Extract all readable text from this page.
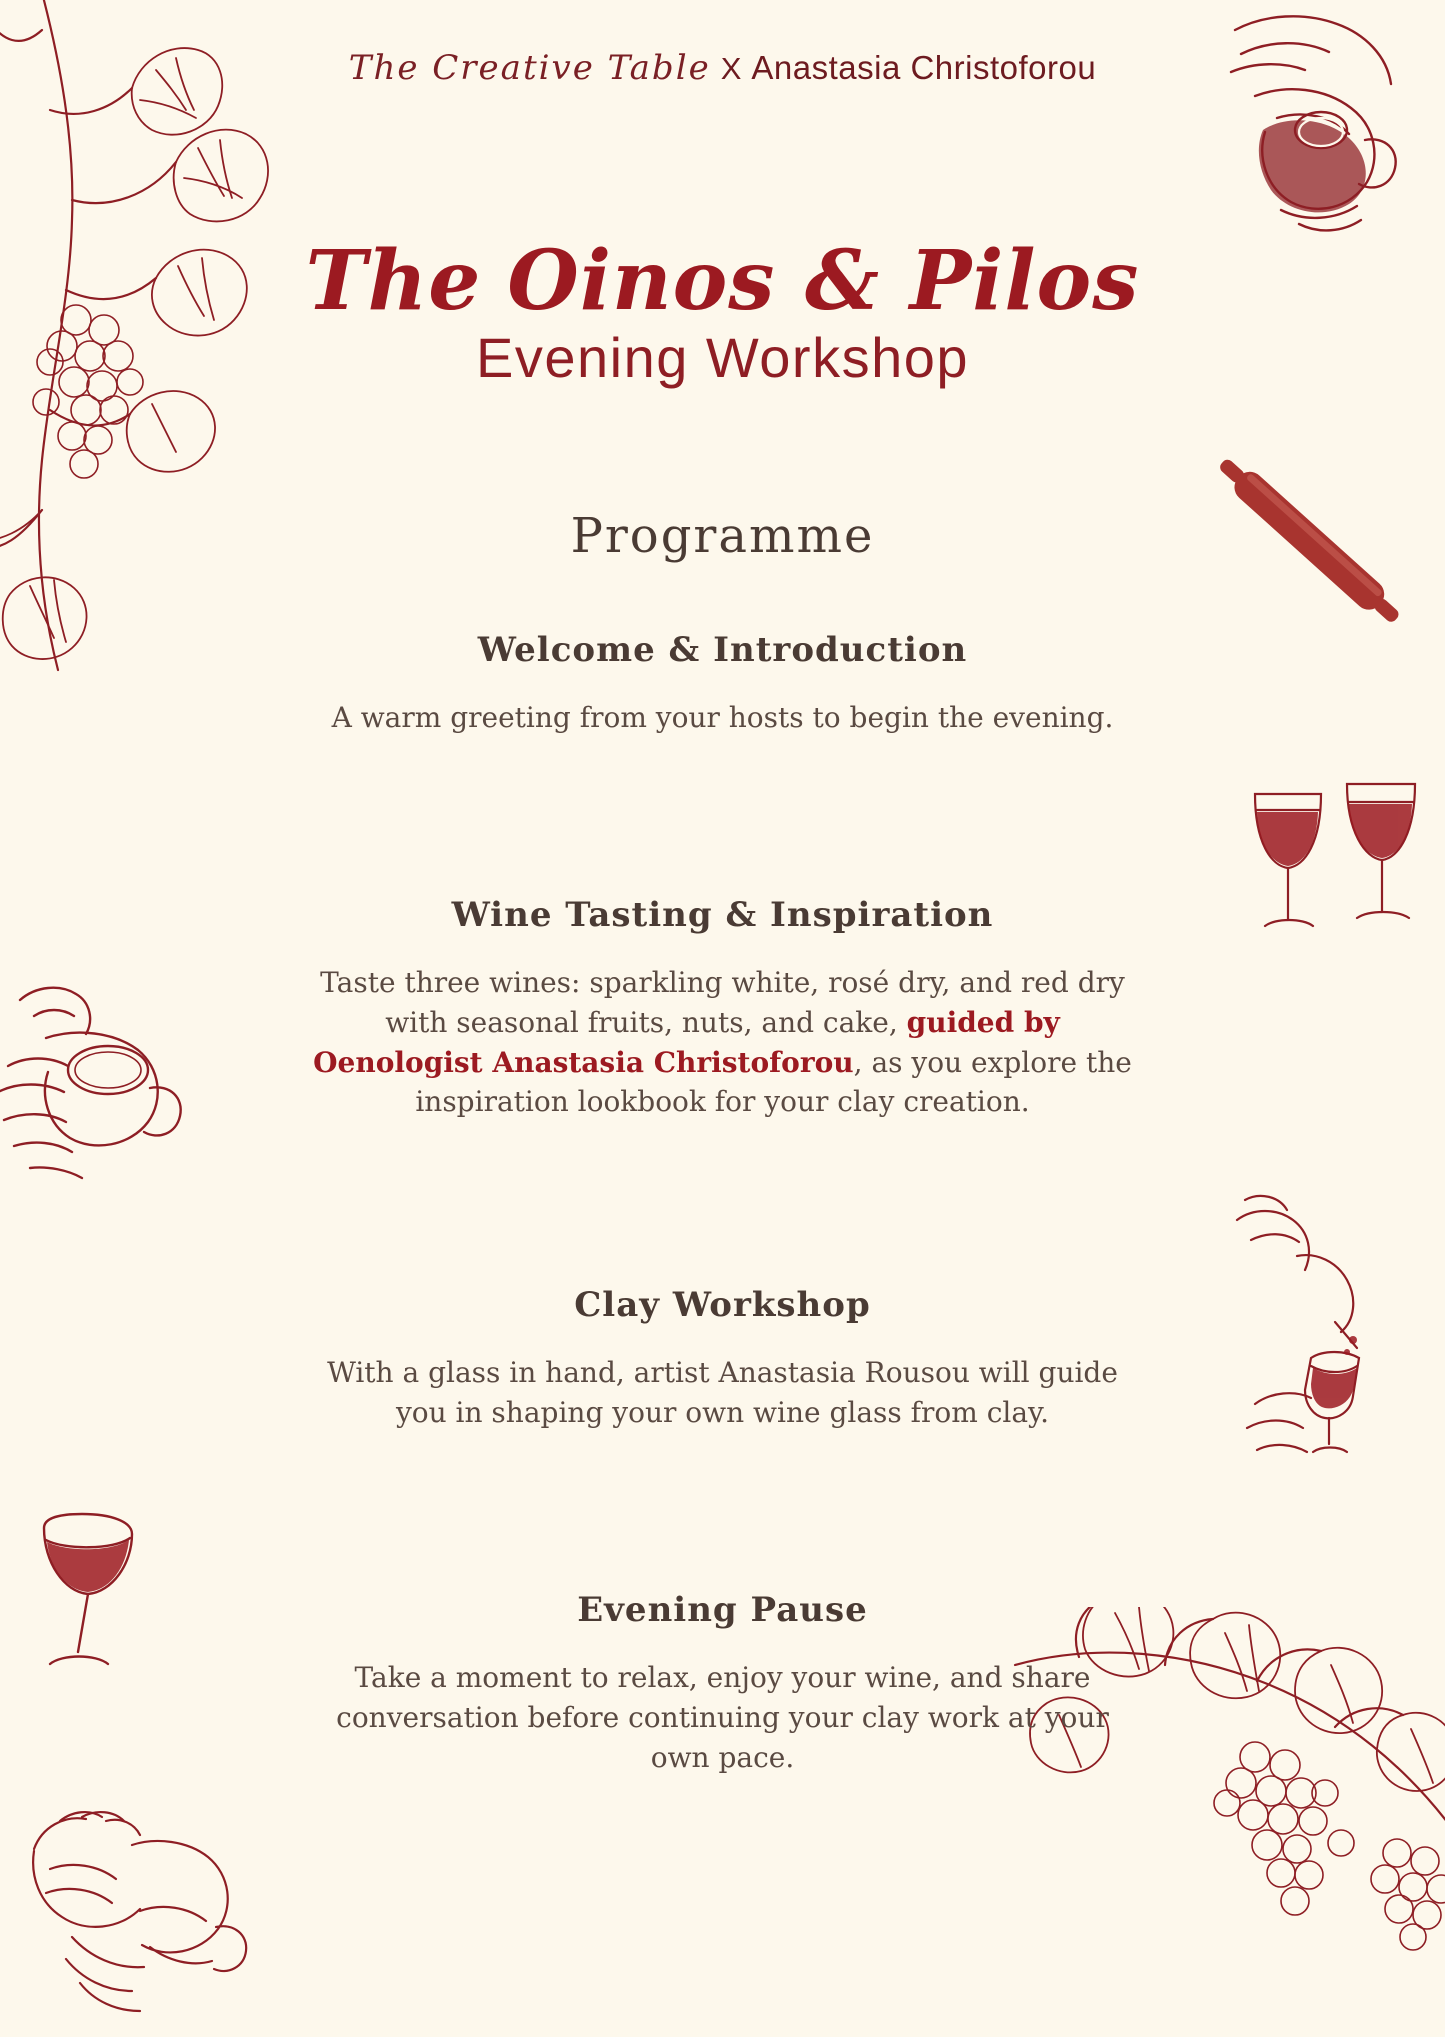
The Creative Table X Anastasia Christoforou
The Oinos & Pilos
Evening Workshop
Programme
Welcome & Introduction
A warm greeting from your hosts to begin the evening.
Wine Tasting & Inspiration
Taste three wines: sparkling white, rosé dry, and red dry with seasonal fruits, nuts, and cake, guided by Oenologist Anastasia Christoforou, as you explore the inspiration lookbook for your clay creation.
Clay Workshop
With a glass in hand, artist Anastasia Rousou will guide you in shaping your own wine glass from clay.
Evening Pause
Take a moment to relax, enjoy your wine, and share conversation before continuing your clay work at your own pace.
